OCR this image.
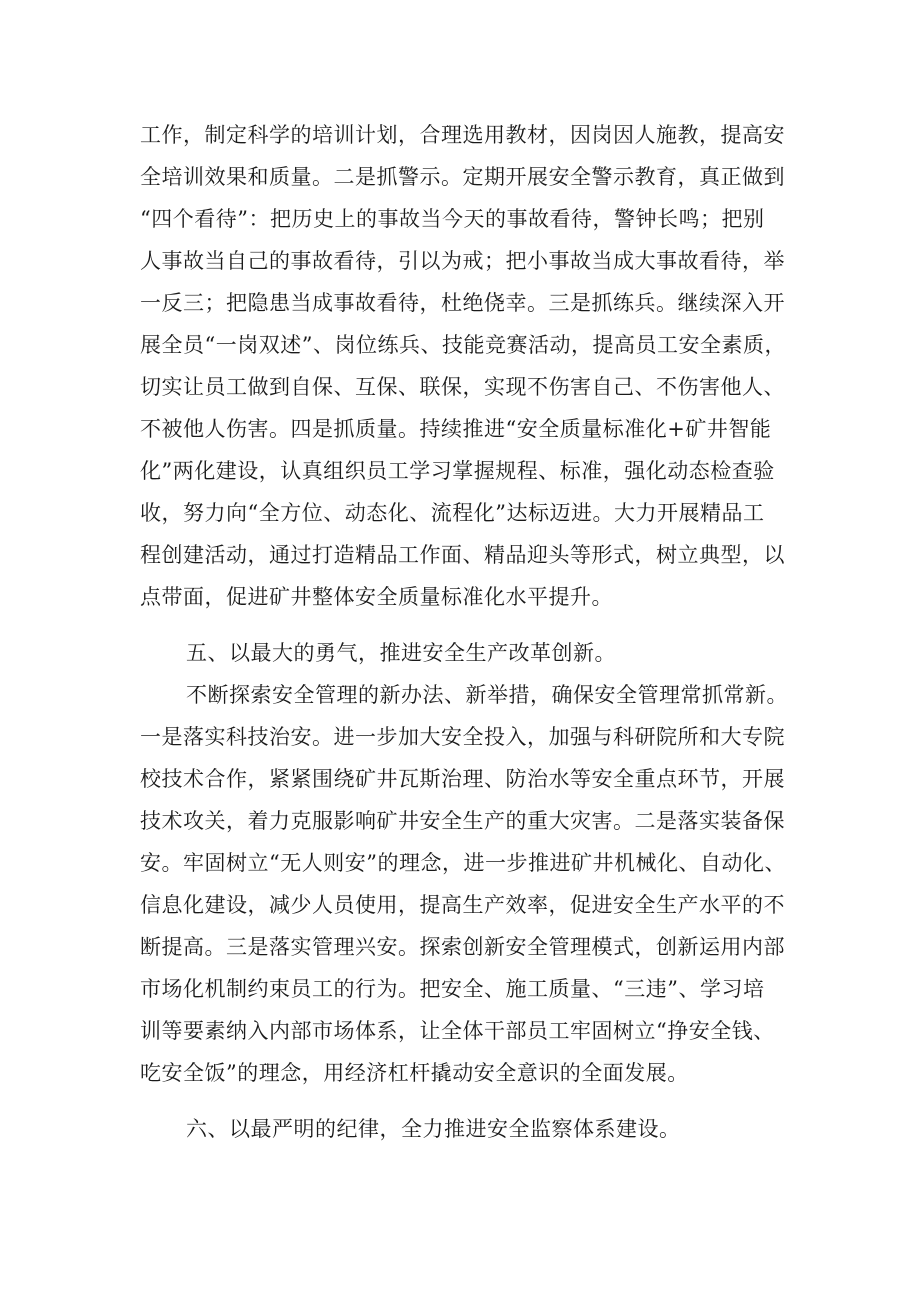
工作，制定科学的培训计划，合理选用教材，因岗因人施教，提高安
全培训效果和质量。二是抓警示。定期开展安全警示教育，真正做到
“四个看待”：把历史上的事故当今天的事故看待，警钟长鸣；把别
人事故当自己的事故看待，引以为戒；把小事故当成大事故看待，举
一反三；把隐患当成事故看待，杜绝侥幸。三是抓练兵。继续深入开
展全员“一岗双述”、岗位练兵、技能竞赛活动，提高员工安全素质，
切实让员工做到自保、互保、联保，实现不伤害自己、不伤害他人、
不被他人伤害。四是抓质量。持续推进“安全质量标准化+矿井智能
化”两化建设，认真组织员工学习掌握规程、标准，强化动态检查验
收，努力向“全方位、动态化、流程化”达标迈进。大力开展精品工
程创建活动，通过打造精品工作面、精品迎头等形式，树立典型，以
点带面，促进矿井整体安全质量标准化水平提升。
五、以最大的勇气，推进安全生产改革创新。
不断探索安全管理的新办法、新举措，确保安全管理常抓常新。
一是落实科技治安。进一步加大安全投入，加强与科研院所和大专院
校技术合作，紧紧围绕矿井瓦斯治理、防治水等安全重点环节，开展
技术攻关，着力克服影响矿井安全生产的重大灾害。二是落实装备保
安。牢固树立“无人则安”的理念，进一步推进矿井机械化、自动化、
信息化建设，减少人员使用，提高生产效率，促进安全生产水平的不
断提高。三是落实管理兴安。探索创新安全管理模式，创新运用内部
市场化机制约束员工的行为。把安全、施工质量、“三违”、学习培
训等要素纳入内部市场体系，让全体干部员工牢固树立“挣安全钱、
吃安全饭”的理念，用经济杠杆撬动安全意识的全面发展。
六、以最严明的纪律，全力推进安全监察体系建设。
